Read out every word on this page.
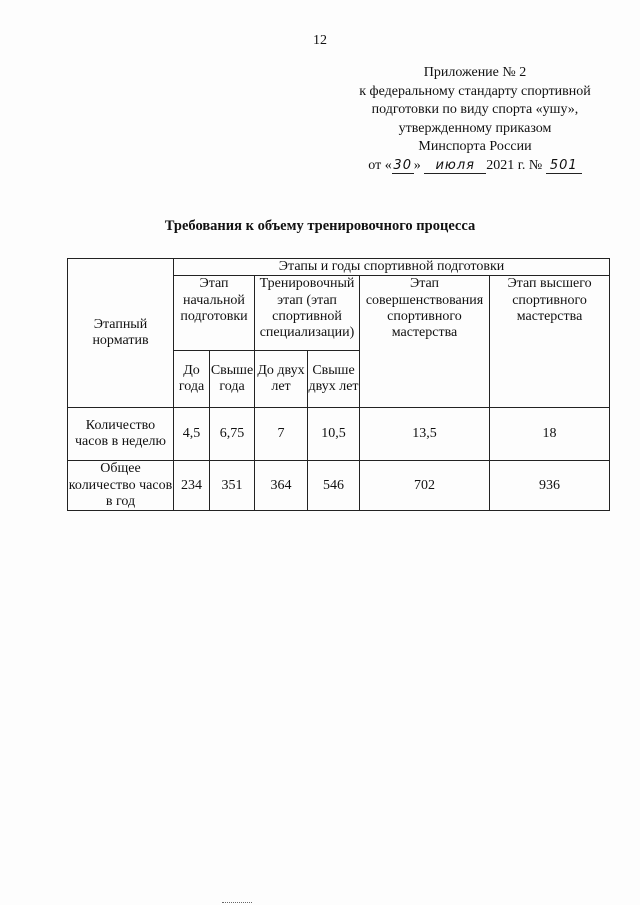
12
Приложение № 2
к федеральному стандарту спортивной
подготовки по виду спорта «ушу»,
утвержденному приказом
Минспорта России
от « 30 » июля 2021 г. № 501
Требования к объему тренировочного процесса
Этапный норматив	Этапы и годы спортивной подготовки					
	Этап начальной подготовки		Тренировочный этап (этап спортивной специализации)		Этап совершенствования спортивного мастерства	Этап высшего спортивного мастерства
	До года	Свыше года	До двух лет	Свыше двух лет		
Количество часов в неделю	4,5	6,75	7	10,5	13,5	18
Общее количество часов в год	234	351	364	546	702	936
